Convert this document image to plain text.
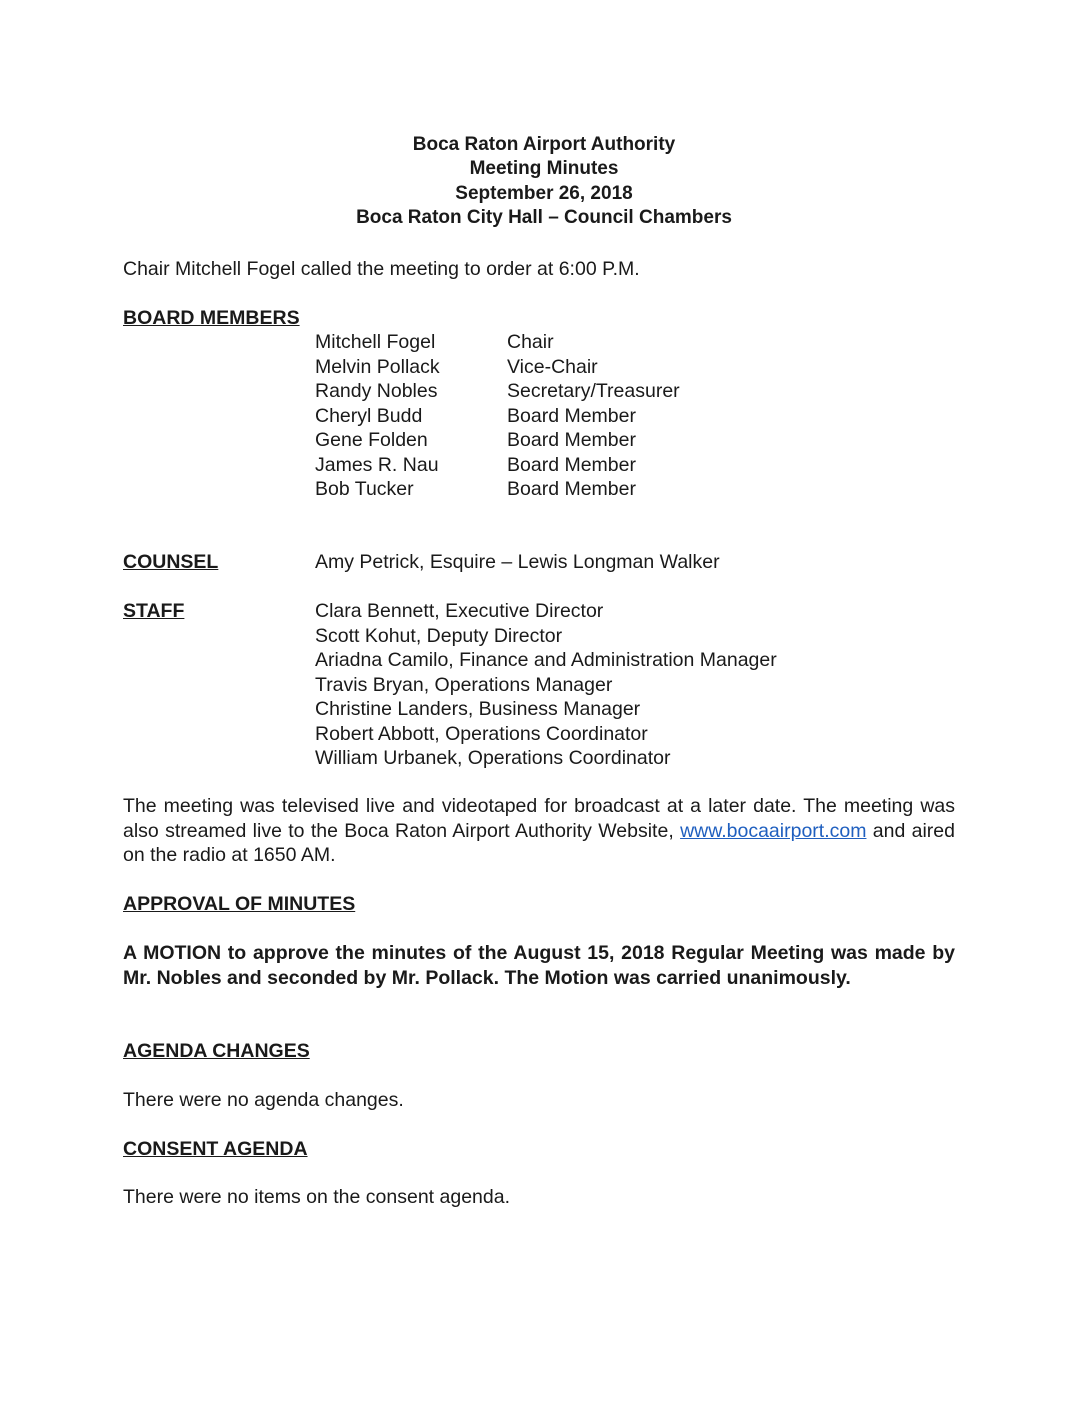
Boca Raton Airport Authority
Meeting Minutes
September 26, 2018
Boca Raton City Hall – Council Chambers
Chair Mitchell Fogel called the meeting to order at 6:00 P.M.
BOARD MEMBERS
Mitchell Fogel	Chair
Melvin Pollack	Vice-Chair
Randy Nobles	Secretary/Treasurer
Cheryl Budd	Board Member
Gene Folden	Board Member
James R. Nau	Board Member
Bob Tucker	Board Member
COUNSEL	Amy Petrick, Esquire – Lewis Longman Walker
STAFF	Clara Bennett, Executive Director
Scott Kohut, Deputy Director
Ariadna Camilo, Finance and Administration Manager
Travis Bryan, Operations Manager
Christine Landers, Business Manager
Robert Abbott, Operations Coordinator
William Urbanek, Operations Coordinator
The meeting was televised live and videotaped for broadcast at a later date. The meeting was also streamed live to the Boca Raton Airport Authority Website, www.bocaairport.com and aired on the radio at 1650 AM.
APPROVAL OF MINUTES
A MOTION to approve the minutes of the August 15, 2018 Regular Meeting was made by Mr. Nobles and seconded by Mr. Pollack. The Motion was carried unanimously.
AGENDA CHANGES
There were no agenda changes.
CONSENT AGENDA
There were no items on the consent agenda.
